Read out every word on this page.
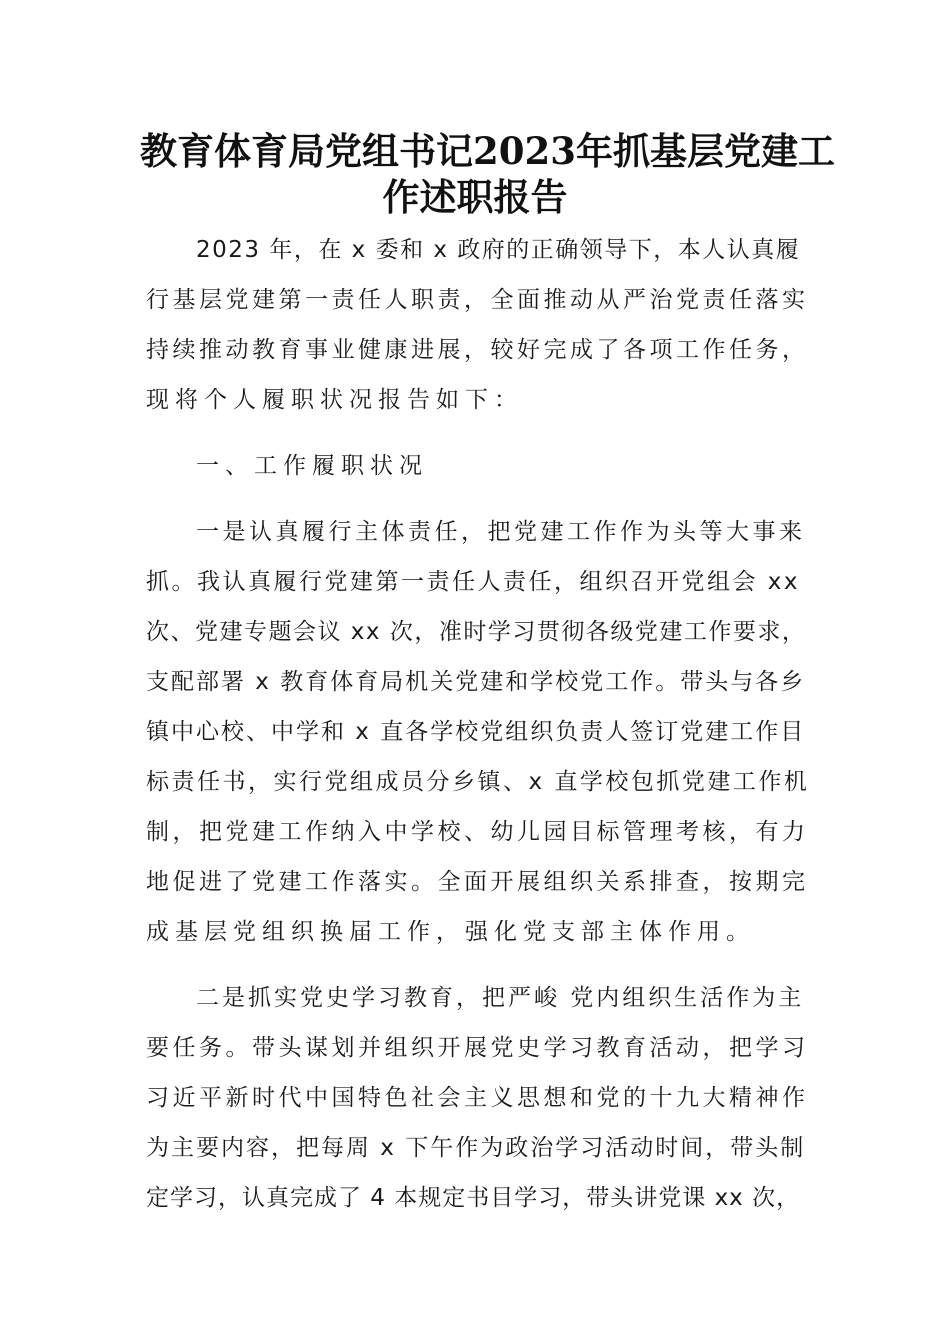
教育体育局党组书记2023年抓基层党建工
作述职报告

2023 年，在 x 委和 x 政府的正确领导下，本人认真履

行基层党建第一责任人职责，全面推动从严治党责任落实

持续推动教育事业健康进展，较好完成了各项工作任务，

现将个人履职状况报告如下：

一、工作履职状况

一是认真履行主体责任，把党建工作作为头等大事来

抓。我认真履行党建第一责任人责任，组织召开党组会 xx

次、党建专题会议 xx 次，准时学习贯彻各级党建工作要求，

支配部署 x 教育体育局机关党建和学校党工作。带头与各乡

镇中心校、中学和 x 直各学校党组织负责人签订党建工作目

标责任书，实行党组成员分乡镇、x 直学校包抓党建工作机

制，把党建工作纳入中学校、幼儿园目标管理考核，有力

地促进了党建工作落实。全面开展组织关系排查，按期完

成基层党组织换届工作，强化党支部主体作用。

二是抓实党史学习教育，把严峻 党内组织生活作为主

要任务。带头谋划并组织开展党史学习教育活动，把学习

习近平新时代中国特色社会主义思想和党的十九大精神作

为主要内容，把每周 x 下午作为政治学习活动时间，带头制

定学习，认真完成了 4 本规定书目学习，带头讲党课 xx 次，
